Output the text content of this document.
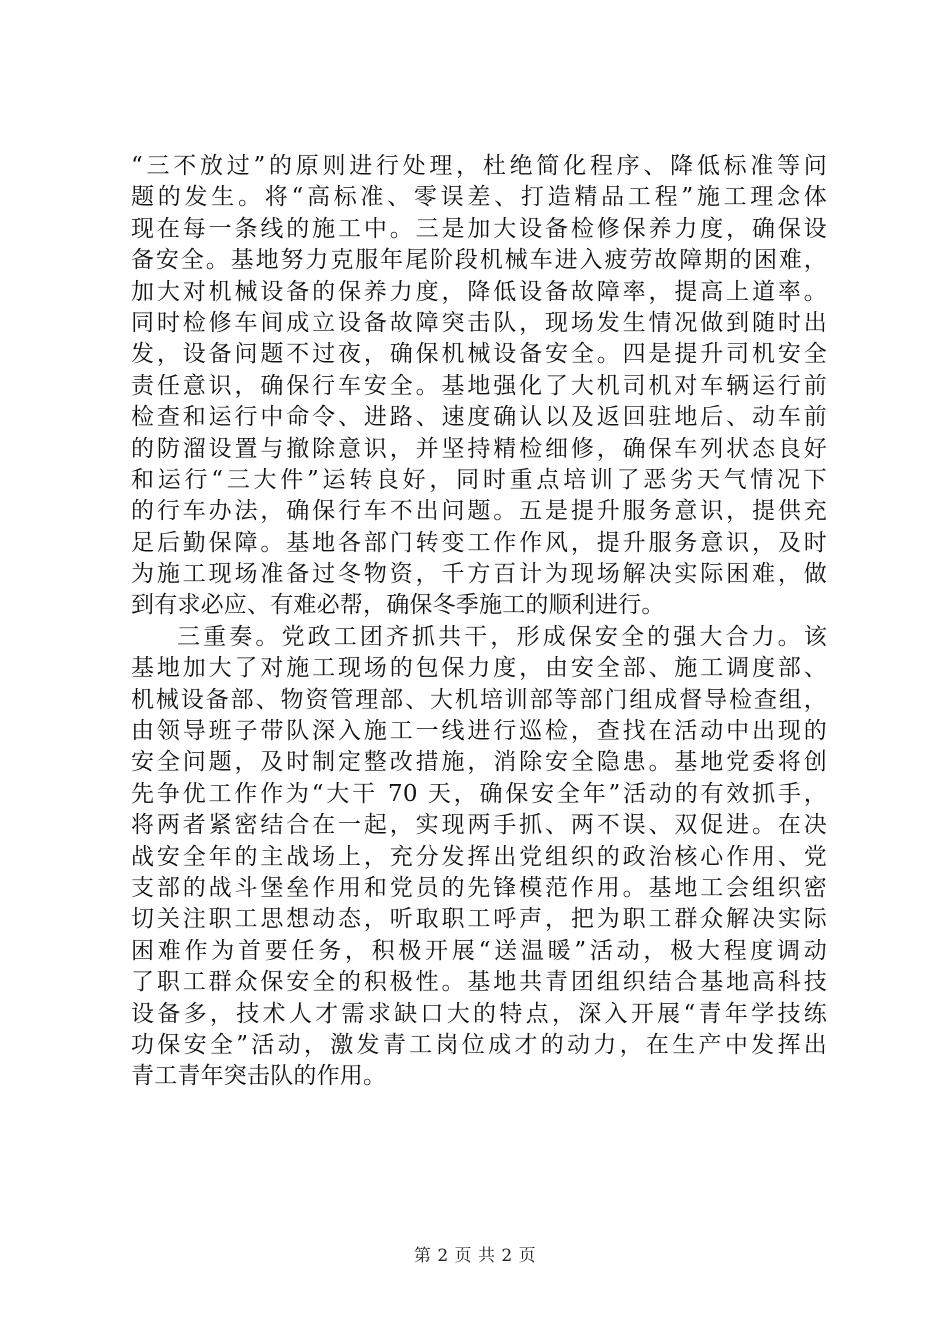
“三不放过”的原则进行处理，杜绝简化程序、降低标准等问
题的发生。将“高标准、零误差、打造精品工程”施工理念体
现在每一条线的施工中。三是加大设备检修保养力度，确保设
备安全。基地努力克服年尾阶段机械车进入疲劳故障期的困难，
加大对机械设备的保养力度，降低设备故障率，提高上道率。
同时检修车间成立设备故障突击队，现场发生情况做到随时出
发，设备问题不过夜，确保机械设备安全。四是提升司机安全
责任意识，确保行车安全。基地强化了大机司机对车辆运行前
检查和运行中命令、进路、速度确认以及返回驻地后、动车前
的防溜设置与撤除意识，并坚持精检细修，确保车列状态良好
和运行“三大件”运转良好，同时重点培训了恶劣天气情况下
的行车办法，确保行车不出问题。五是提升服务意识，提供充
足后勤保障。基地各部门转变工作作风，提升服务意识，及时
为施工现场准备过冬物资，千方百计为现场解决实际困难，做
到有求必应、有难必帮，确保冬季施工的顺利进行。
三重奏。党政工团齐抓共干，形成保安全的强大合力。该
基地加大了对施工现场的包保力度，由安全部、施工调度部、
机械设备部、物资管理部、大机培训部等部门组成督导检查组，
由领导班子带队深入施工一线进行巡检，查找在活动中出现的
安全问题，及时制定整改措施，消除安全隐患。基地党委将创
先争优工作作为“大干 70 天，确保安全年”活动的有效抓手，
将两者紧密结合在一起，实现两手抓、两不误、双促进。在决
战安全年的主战场上，充分发挥出党组织的政治核心作用、党
支部的战斗堡垒作用和党员的先锋模范作用。基地工会组织密
切关注职工思想动态，听取职工呼声，把为职工群众解决实际
困难作为首要任务，积极开展“送温暖”活动，极大程度调动
了职工群众保安全的积极性。基地共青团组织结合基地高科技
设备多，技术人才需求缺口大的特点，深入开展“青年学技练
功保安全”活动，激发青工岗位成才的动力，在生产中发挥出
青工青年突击队的作用。
第 2 页 共 2 页
